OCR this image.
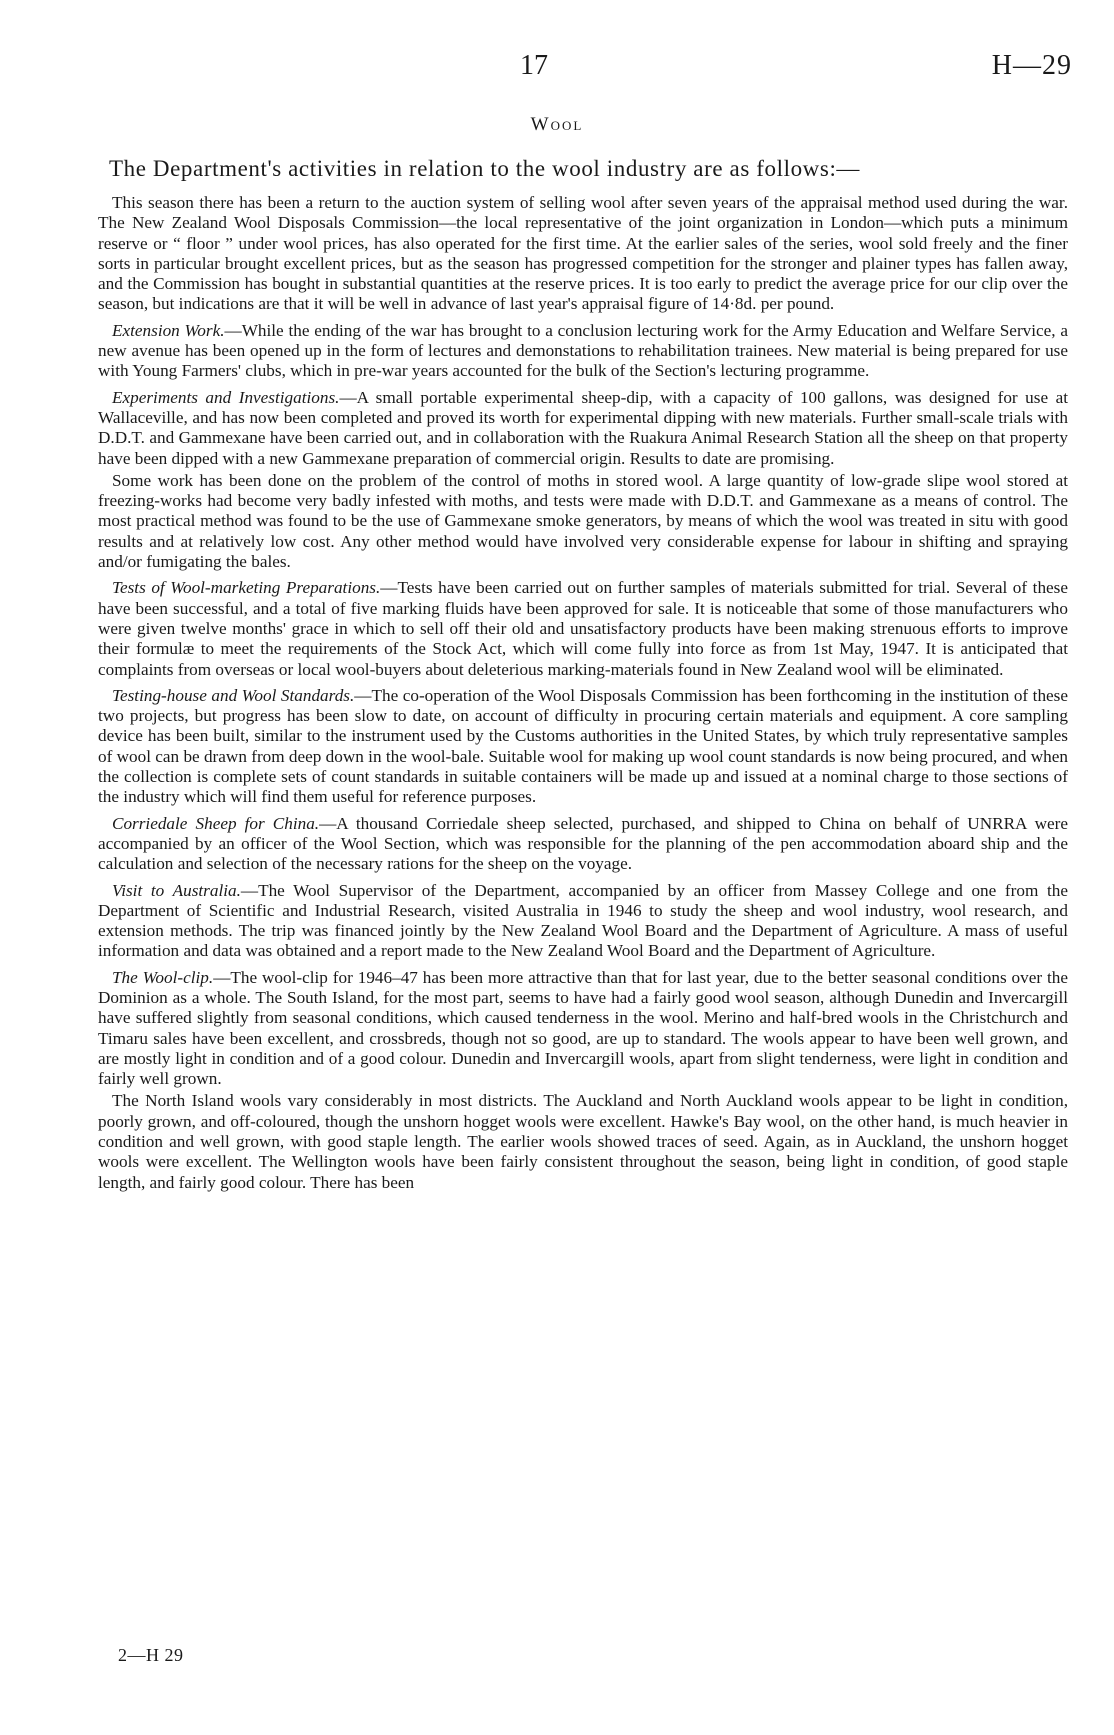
17	H—29
Wool
The Department's activities in relation to the wool industry are as follows:—

This season there has been a return to the auction system of selling wool after seven years of the appraisal method used during the war. The New Zealand Wool Disposals Commission—the local representative of the joint organization in London—which puts a minimum reserve or “ floor ” under wool prices, has also operated for the first time. At the earlier sales of the series, wool sold freely and the finer sorts in particular brought excellent prices, but as the season has progressed competition for the stronger and plainer types has fallen away, and the Commission has bought in substantial quantities at the reserve prices. It is too early to predict the average price for our clip over the season, but indications are that it will be well in advance of last year's appraisal figure of 14·8d. per pound.

Extension Work.—While the ending of the war has brought to a conclusion lecturing work for the Army Education and Welfare Service, a new avenue has been opened up in the form of lectures and demonstations to rehabilitation trainees. New material is being prepared for use with Young Farmers' clubs, which in pre-war years accounted for the bulk of the Section's lecturing programme.

Experiments and Investigations.—A small portable experimental sheep-dip, with a capacity of 100 gallons, was designed for use at Wallaceville, and has now been completed and proved its worth for experimental dipping with new materials. Further small-scale trials with D.D.T. and Gammexane have been carried out, and in collaboration with the Ruakura Animal Research Station all the sheep on that property have been dipped with a new Gammexane preparation of commercial origin. Results to date are promising.

Some work has been done on the problem of the control of moths in stored wool. A large quantity of low-grade slipe wool stored at freezing-works had become very badly infested with moths, and tests were made with D.D.T. and Gammexane as a means of control. The most practical method was found to be the use of Gammexane smoke generators, by means of which the wool was treated in situ with good results and at relatively low cost. Any other method would have involved very considerable expense for labour in shifting and spraying and/or fumigating the bales.

Tests of Wool-marketing Preparations.—Tests have been carried out on further samples of materials submitted for trial. Several of these have been successful, and a total of five marking fluids have been approved for sale. It is noticeable that some of those manufacturers who were given twelve months' grace in which to sell off their old and unsatisfactory products have been making strenuous efforts to improve their formulæ to meet the requirements of the Stock Act, which will come fully into force as from 1st May, 1947. It is anticipated that complaints from overseas or local wool-buyers about deleterious marking-materials found in New Zealand wool will be eliminated.

Testing-house and Wool Standards.—The co-operation of the Wool Disposals Commission has been forthcoming in the institution of these two projects, but progress has been slow to date, on account of difficulty in procuring certain materials and equipment. A core sampling device has been built, similar to the instrument used by the Customs authorities in the United States, by which truly representative samples of wool can be drawn from deep down in the wool-bale. Suitable wool for making up wool count standards is now being procured, and when the collection is complete sets of count standards in suitable containers will be made up and issued at a nominal charge to those sections of the industry which will find them useful for reference purposes.

Corriedale Sheep for China.—A thousand Corriedale sheep selected, purchased, and shipped to China on behalf of UNRRA were accompanied by an officer of the Wool Section, which was responsible for the planning of the pen accommodation aboard ship and the calculation and selection of the necessary rations for the sheep on the voyage.

Visit to Australia.—The Wool Supervisor of the Department, accompanied by an officer from Massey College and one from the Department of Scientific and Industrial Research, visited Australia in 1946 to study the sheep and wool industry, wool research, and extension methods. The trip was financed jointly by the New Zealand Wool Board and the Department of Agriculture. A mass of useful information and data was obtained and a report made to the New Zealand Wool Board and the Department of Agriculture.

The Wool-clip.—The wool-clip for 1946–47 has been more attractive than that for last year, due to the better seasonal conditions over the Dominion as a whole. The South Island, for the most part, seems to have had a fairly good wool season, although Dunedin and Invercargill have suffered slightly from seasonal conditions, which caused tenderness in the wool. Merino and half-bred wools in the Christchurch and Timaru sales have been excellent, and crossbreds, though not so good, are up to standard. The wools appear to have been well grown, and are mostly light in condition and of a good colour. Dunedin and Invercargill wools, apart from slight tenderness, were light in condition and fairly well grown.

The North Island wools vary considerably in most districts. The Auckland and North Auckland wools appear to be light in condition, poorly grown, and off-coloured, though the unshorn hogget wools were excellent. Hawke's Bay wool, on the other hand, is much heavier in condition and well grown, with good staple length. The earlier wools showed traces of seed. Again, as in Auckland, the unshorn hogget wools were excellent. The Wellington wools have been fairly consistent throughout the season, being light in condition, of good staple length, and fairly good colour. There has been

2—H 29
